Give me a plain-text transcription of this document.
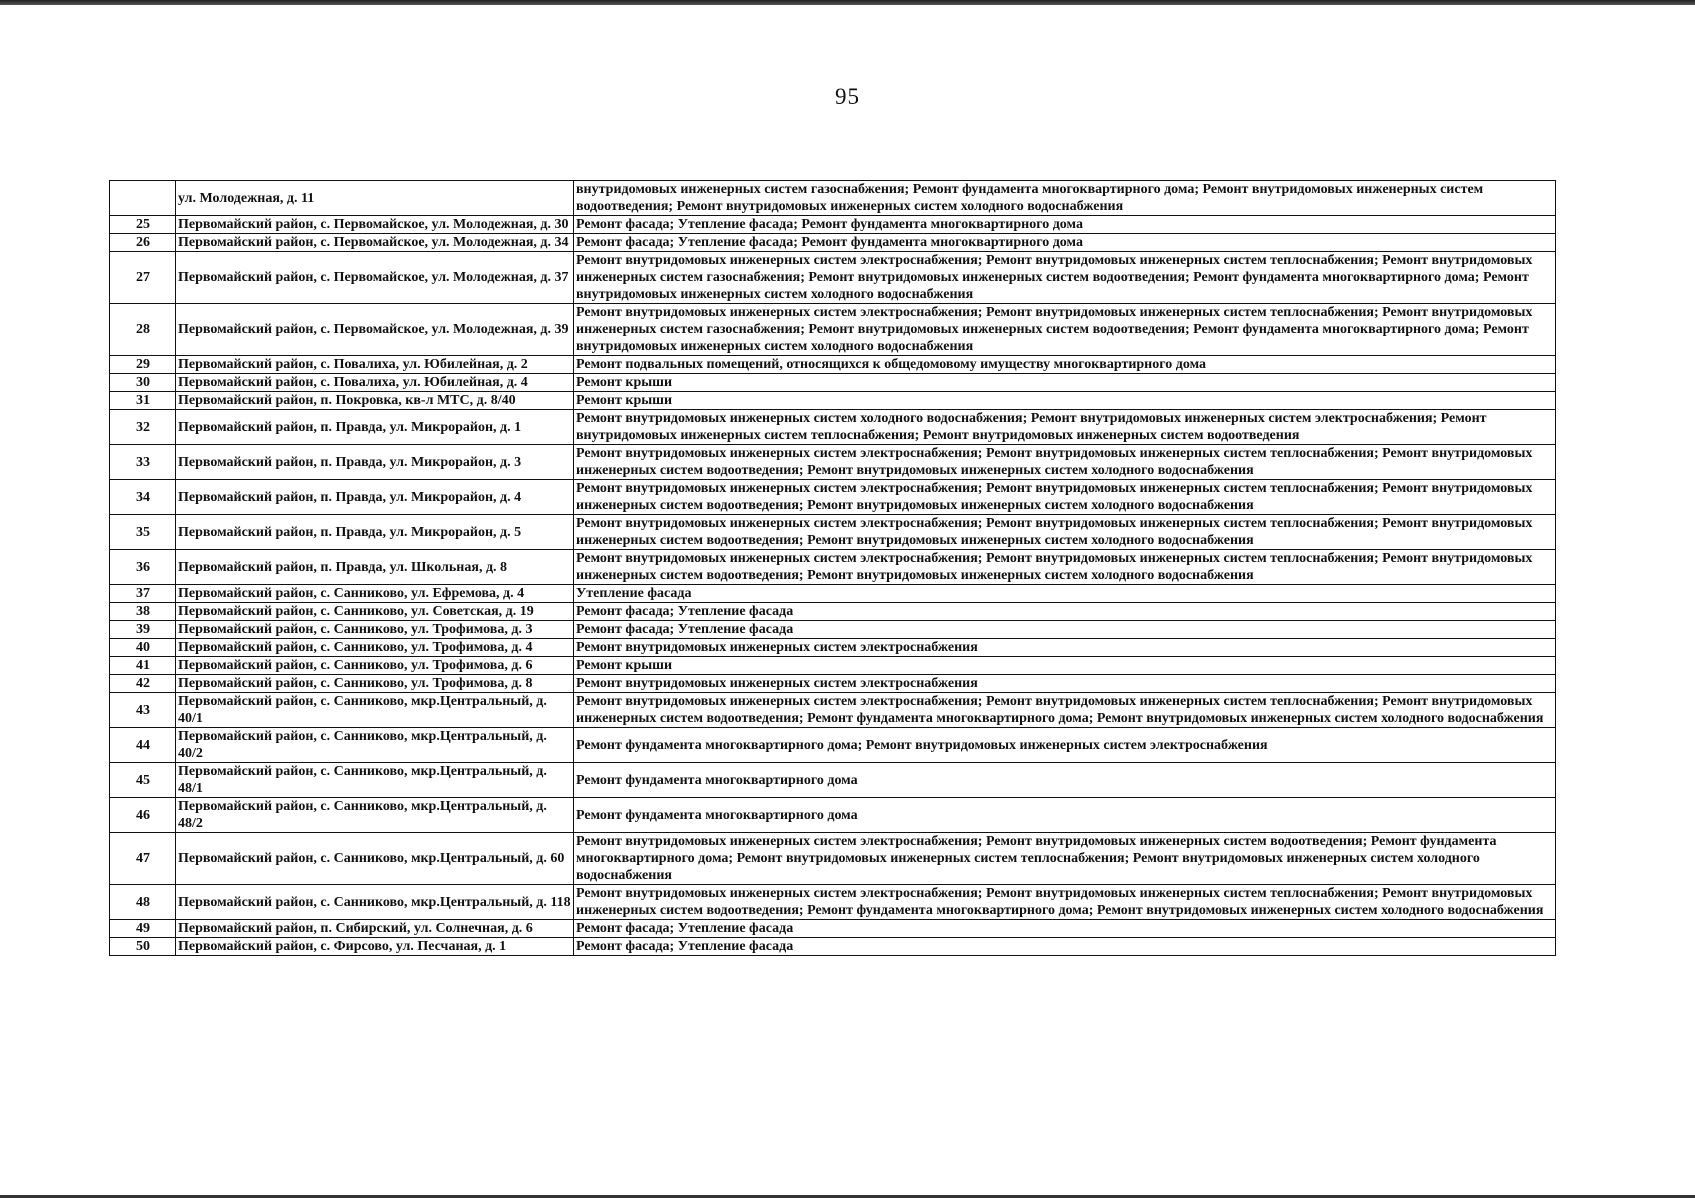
95
	ул. Молодежная, д. 11	внутридомовых инженерных систем газоснабжения; Ремонт фундамента многоквартирного дома; Ремонт внутридомовых инженерных систем водоотведения; Ремонт внутридомовых инженерных систем холодного водоснабжения
25	Первомайский район, с. Первомайское, ул. Молодежная, д. 30	Ремонт фасада; Утепление фасада; Ремонт фундамента многоквартирного дома
26	Первомайский район, с. Первомайское, ул. Молодежная, д. 34	Ремонт фасада; Утепление фасада; Ремонт фундамента многоквартирного дома
27	Первомайский район, с. Первомайское, ул. Молодежная, д. 37	Ремонт внутридомовых инженерных систем электроснабжения; Ремонт внутридомовых инженерных систем теплоснабжения; Ремонт внутридомовых инженерных систем газоснабжения; Ремонт внутридомовых инженерных систем водоотведения; Ремонт фундамента многоквартирного дома; Ремонт внутридомовых инженерных систем холодного водоснабжения
28	Первомайский район, с. Первомайское, ул. Молодежная, д. 39	Ремонт внутридомовых инженерных систем электроснабжения; Ремонт внутридомовых инженерных систем теплоснабжения; Ремонт внутридомовых инженерных систем газоснабжения; Ремонт внутридомовых инженерных систем водоотведения; Ремонт фундамента многоквартирного дома; Ремонт внутридомовых инженерных систем холодного водоснабжения
29	Первомайский район, с. Повалиха, ул. Юбилейная, д. 2	Ремонт подвальных помещений, относящихся к общедомовому имуществу многоквартирного дома
30	Первомайский район, с. Повалиха, ул. Юбилейная, д. 4	Ремонт крыши
31	Первомайский район, п. Покровка, кв-л МТС, д. 8/40	Ремонт крыши
32	Первомайский район, п. Правда, ул. Микрорайон, д. 1	Ремонт внутридомовых инженерных систем холодного водоснабжения; Ремонт внутридомовых инженерных систем электроснабжения; Ремонт внутридомовых инженерных систем теплоснабжения; Ремонт внутридомовых инженерных систем водоотведения
33	Первомайский район, п. Правда, ул. Микрорайон, д. 3	Ремонт внутридомовых инженерных систем электроснабжения; Ремонт внутридомовых инженерных систем теплоснабжения; Ремонт внутридомовых инженерных систем водоотведения; Ремонт внутридомовых инженерных систем холодного водоснабжения
34	Первомайский район, п. Правда, ул. Микрорайон, д. 4	Ремонт внутридомовых инженерных систем электроснабжения; Ремонт внутридомовых инженерных систем теплоснабжения; Ремонт внутридомовых инженерных систем водоотведения; Ремонт внутридомовых инженерных систем холодного водоснабжения
35	Первомайский район, п. Правда, ул. Микрорайон, д. 5	Ремонт внутридомовых инженерных систем электроснабжения; Ремонт внутридомовых инженерных систем теплоснабжения; Ремонт внутридомовых инженерных систем водоотведения; Ремонт внутридомовых инженерных систем холодного водоснабжения
36	Первомайский район, п. Правда, ул. Школьная, д. 8	Ремонт внутридомовых инженерных систем электроснабжения; Ремонт внутридомовых инженерных систем теплоснабжения; Ремонт внутридомовых инженерных систем водоотведения; Ремонт внутридомовых инженерных систем холодного водоснабжения
37	Первомайский район, с. Санниково, ул. Ефремова, д. 4	Утепление фасада
38	Первомайский район, с. Санниково, ул. Советская, д. 19	Ремонт фасада; Утепление фасада
39	Первомайский район, с. Санниково, ул. Трофимова, д. 3	Ремонт фасада; Утепление фасада
40	Первомайский район, с. Санниково, ул. Трофимова, д. 4	Ремонт внутридомовых инженерных систем электроснабжения
41	Первомайский район, с. Санниково, ул. Трофимова, д. 6	Ремонт крыши
42	Первомайский район, с. Санниково, ул. Трофимова, д. 8	Ремонт внутридомовых инженерных систем электроснабжения
43	Первомайский район, с. Санниково, мкр.Центральный, д. 40/1	Ремонт внутридомовых инженерных систем электроснабжения; Ремонт внутридомовых инженерных систем теплоснабжения; Ремонт внутридомовых инженерных систем водоотведения; Ремонт фундамента многоквартирного дома; Ремонт внутридомовых инженерных систем холодного водоснабжения
44	Первомайский район, с. Санниково, мкр.Центральный, д. 40/2	Ремонт фундамента многоквартирного дома; Ремонт внутридомовых инженерных систем электроснабжения
45	Первомайский район, с. Санниково, мкр.Центральный, д. 48/1	Ремонт фундамента многоквартирного дома
46	Первомайский район, с. Санниково, мкр.Центральный, д. 48/2	Ремонт фундамента многоквартирного дома
47	Первомайский район, с. Санниково, мкр.Центральный, д. 60	Ремонт внутридомовых инженерных систем электроснабжения; Ремонт внутридомовых инженерных систем водоотведения; Ремонт фундамента многоквартирного дома; Ремонт внутридомовых инженерных систем теплоснабжения; Ремонт внутридомовых инженерных систем холодного водоснабжения
48	Первомайский район, с. Санниково, мкр.Центральный, д. 118	Ремонт внутридомовых инженерных систем электроснабжения; Ремонт внутридомовых инженерных систем теплоснабжения; Ремонт внутридомовых инженерных систем водоотведения; Ремонт фундамента многоквартирного дома; Ремонт внутридомовых инженерных систем холодного водоснабжения
49	Первомайский район, п. Сибирский, ул. Солнечная, д. 6	Ремонт фасада; Утепление фасада
50	Первомайский район, с. Фирсово, ул. Песчаная, д. 1	Ремонт фасада; Утепление фасада
